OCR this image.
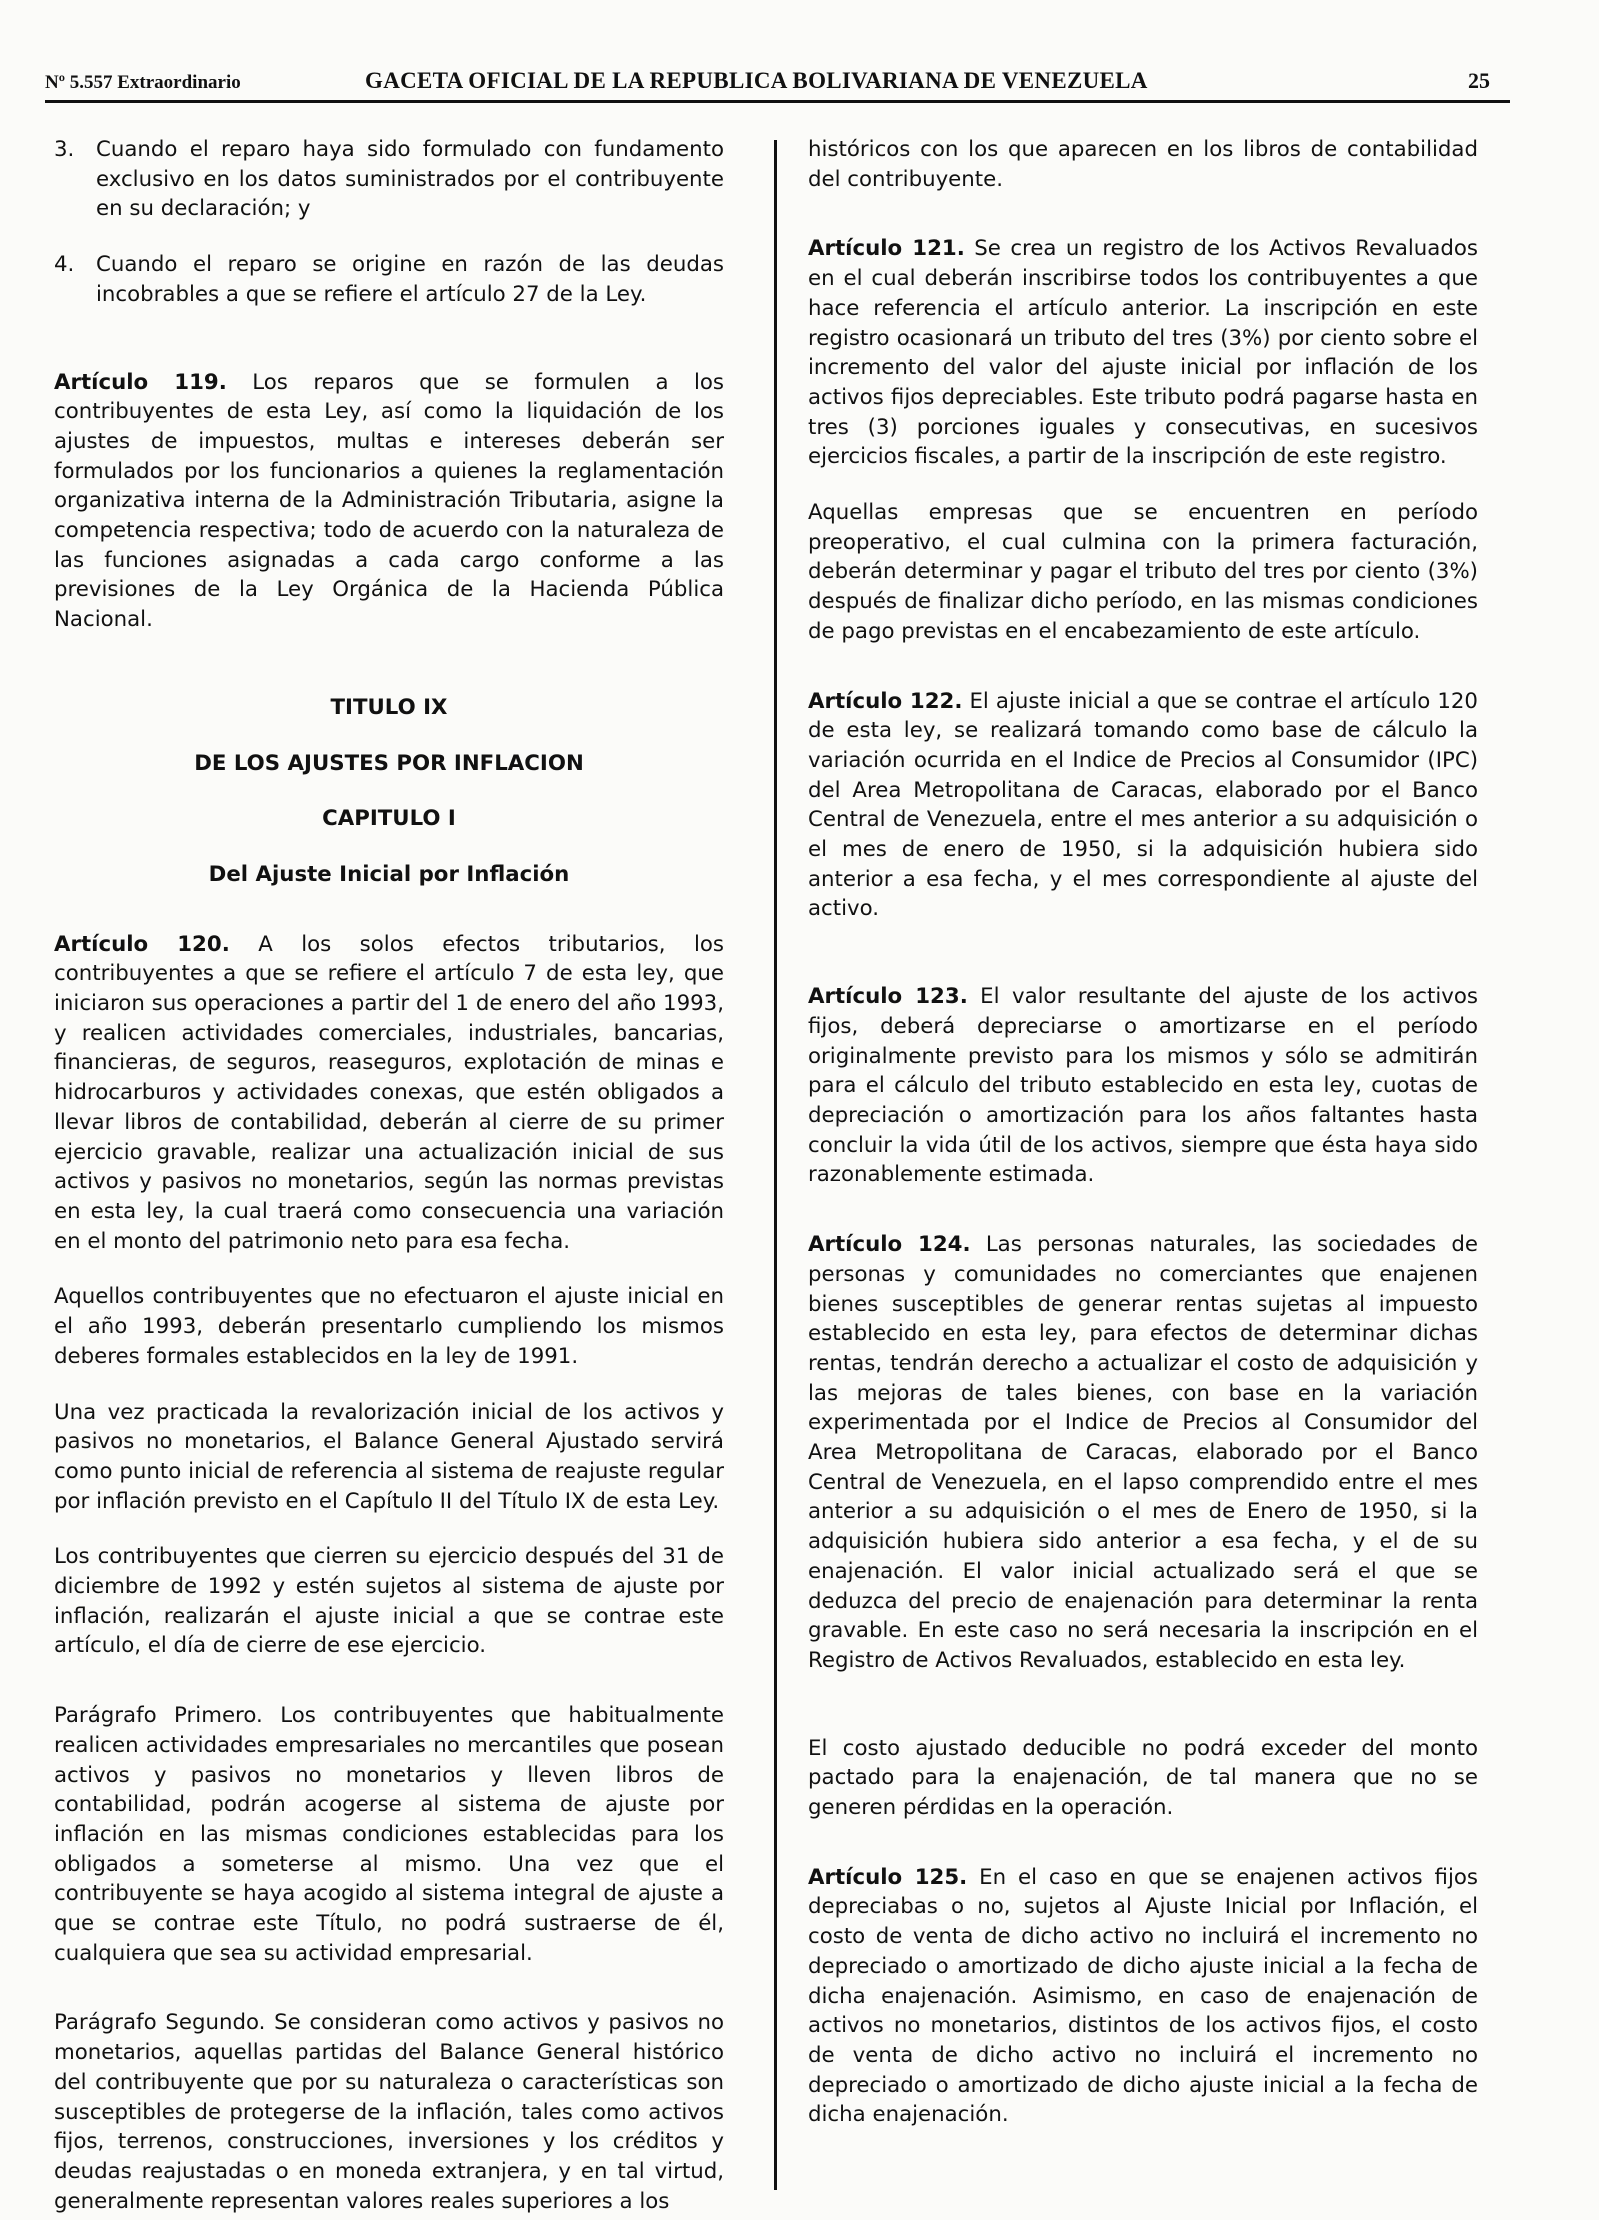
Nº 5.557 Extraordinario	GACETA OFICIAL DE LA REPUBLICA BOLIVARIANA DE VENEZUELA	25
3.	Cuando el reparo haya sido formulado con fundamento exclusivo en los datos suministrados por el contribuyente en su declaración; y
4.	Cuando el reparo se origine en razón de las deudas incobrables a que se refiere el artículo 27 de la Ley.

Artículo 119. Los reparos que se formulen a los contribuyentes de esta Ley, así como la liquidación de los ajustes de impuestos, multas e intereses deberán ser formulados por los funcionarios a quienes la reglamentación organizativa interna de la Administración Tributaria, asigne la competencia respectiva; todo de acuerdo con la naturaleza de las funciones asignadas a cada cargo conforme a las previsiones de la Ley Orgánica de la Hacienda Pública Nacional.

TITULO IX

DE LOS AJUSTES POR INFLACION

CAPITULO I

Del Ajuste Inicial por Inflación

Artículo 120. A los solos efectos tributarios, los contribuyentes a que se refiere el artículo 7 de esta ley, que iniciaron sus operaciones a partir del 1 de enero del año 1993, y realicen actividades comerciales, industriales, bancarias, financieras, de seguros, reaseguros, explotación de minas e hidrocarburos y actividades conexas, que estén obligados a llevar libros de contabilidad, deberán al cierre de su primer ejercicio gravable, realizar una actualización inicial de sus activos y pasivos no monetarios, según las normas previstas en esta ley, la cual traerá como consecuencia una variación en el monto del patrimonio neto para esa fecha.

Aquellos contribuyentes que no efectuaron el ajuste inicial en el año 1993, deberán presentarlo cumpliendo los mismos deberes formales establecidos en la ley de 1991.

Una vez practicada la revalorización inicial de los activos y pasivos no monetarios, el Balance General Ajustado servirá como punto inicial de referencia al sistema de reajuste regular por inflación previsto en el Capítulo II del Título IX de esta Ley.

Los contribuyentes que cierren su ejercicio después del 31 de diciembre de 1992 y estén sujetos al sistema de ajuste por inflación, realizarán el ajuste inicial a que se contrae este artículo, el día de cierre de ese ejercicio.

Parágrafo Primero. Los contribuyentes que habitualmente realicen actividades empresariales no mercantiles que posean activos y pasivos no monetarios y lleven libros de contabilidad, podrán acogerse al sistema de ajuste por inflación en las mismas condiciones establecidas para los obligados a someterse al mismo. Una vez que el contribuyente se haya acogido al sistema integral de ajuste a que se contrae este Título, no podrá sustraerse de él, cualquiera que sea su actividad empresarial.

Parágrafo Segundo. Se consideran como activos y pasivos no monetarios, aquellas partidas del Balance General histórico del contribuyente que por su naturaleza o características son susceptibles de protegerse de la inflación, tales como activos fijos, terrenos, construcciones, inversiones y los créditos y deudas reajustadas o en moneda extranjera, y en tal virtud, generalmente representan valores reales superiores a los

históricos con los que aparecen en los libros de contabilidad del contribuyente.

Artículo 121. Se crea un registro de los Activos Revaluados en el cual deberán inscribirse todos los contribuyentes a que hace referencia el artículo anterior. La inscripción en este registro ocasionará un tributo del tres (3%) por ciento sobre el incremento del valor del ajuste inicial por inflación de los activos fijos depreciables. Este tributo podrá pagarse hasta en tres (3) porciones iguales y consecutivas, en sucesivos ejercicios fiscales, a partir de la inscripción de este registro.

Aquellas empresas que se encuentren en período preoperativo, el cual culmina con la primera facturación, deberán determinar y pagar el tributo del tres por ciento (3%) después de finalizar dicho período, en las mismas condiciones de pago previstas en el encabezamiento de este artículo.

Artículo 122. El ajuste inicial a que se contrae el artículo 120 de esta ley, se realizará tomando como base de cálculo la variación ocurrida en el Indice de Precios al Consumidor (IPC) del Area Metropolitana de Caracas, elaborado por el Banco Central de Venezuela, entre el mes anterior a su adquisición o el mes de enero de 1950, si la adquisición hubiera sido anterior a esa fecha, y el mes correspondiente al ajuste del activo.

Artículo 123. El valor resultante del ajuste de los activos fijos, deberá depreciarse o amortizarse en el período originalmente previsto para los mismos y sólo se admitirán para el cálculo del tributo establecido en esta ley, cuotas de depreciación o amortización para los años faltantes hasta concluir la vida útil de los activos, siempre que ésta haya sido razonablemente estimada.

Artículo 124. Las personas naturales, las sociedades de personas y comunidades no comerciantes que enajenen bienes susceptibles de generar rentas sujetas al impuesto establecido en esta ley, para efectos de determinar dichas rentas, tendrán derecho a actualizar el costo de adquisición y las mejoras de tales bienes, con base en la variación experimentada por el Indice de Precios al Consumidor del Area Metropolitana de Caracas, elaborado por el Banco Central de Venezuela, en el lapso comprendido entre el mes anterior a su adquisición o el mes de Enero de 1950, si la adquisición hubiera sido anterior a esa fecha, y el de su enajenación. El valor inicial actualizado será el que se deduzca del precio de enajenación para determinar la renta gravable. En este caso no será necesaria la inscripción en el Registro de Activos Revaluados, establecido en esta ley.

El costo ajustado deducible no podrá exceder del monto pactado para la enajenación, de tal manera que no se generen pérdidas en la operación.

Artículo 125. En el caso en que se enajenen activos fijos depreciabas o no, sujetos al Ajuste Inicial por Inflación, el costo de venta de dicho activo no incluirá el incremento no depreciado o amortizado de dicho ajuste inicial a la fecha de dicha enajenación. Asimismo, en caso de enajenación de activos no monetarios, distintos de los activos fijos, el costo de venta de dicho activo no incluirá el incremento no depreciado o amortizado de dicho ajuste inicial a la fecha de dicha enajenación.
